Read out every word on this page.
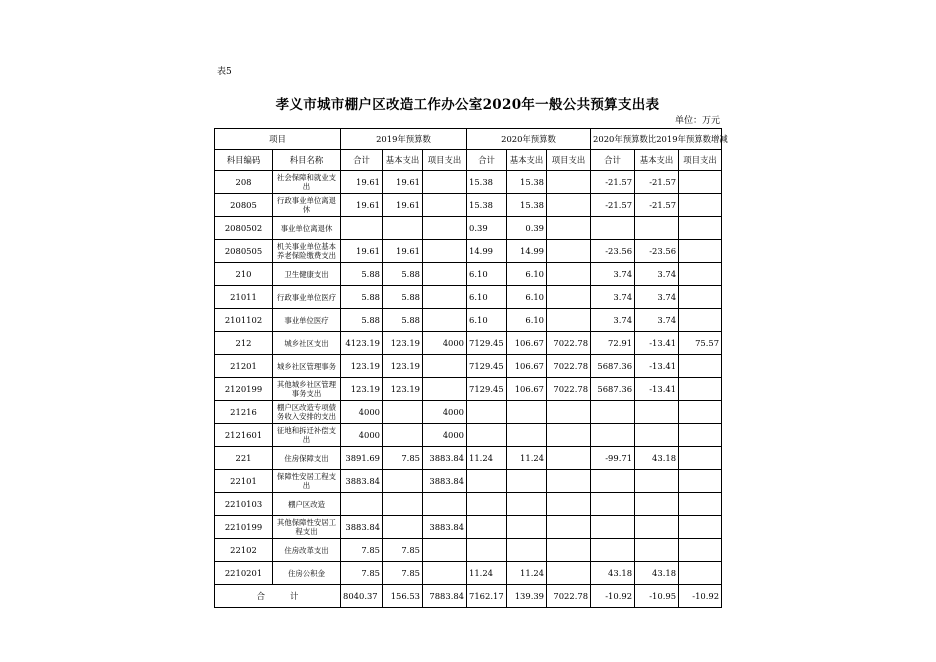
表5
孝义市城市棚户区改造工作办公室2020年一般公共预算支出表
单位：万元
项目		2019年预算数			2020年预算数			2020年预算数比2019年预算数增减		
科目编码	科目名称	合计	基本支出	项目支出	合计	基本支出	项目支出	合计	基本支出	项目支出
208	社会保障和就业支出	19.61	19.61		15.38	15.38		-21.57	-21.57	
20805	行政事业单位离退休	19.61	19.61		15.38	15.38		-21.57	-21.57	
2080502	事业单位离退休				0.39	0.39				
2080505	机关事业单位基本养老保险缴费支出	19.61	19.61		14.99	14.99		-23.56	-23.56	
210	卫生健康支出	5.88	5.88		6.10	6.10		3.74	3.74	
21011	行政事业单位医疗	5.88	5.88		6.10	6.10		3.74	3.74	
2101102	事业单位医疗	5.88	5.88		6.10	6.10		3.74	3.74	
212	城乡社区支出	4123.19	123.19	4000	7129.45	106.67	7022.78	72.91	-13.41	75.57
21201	城乡社区管理事务	123.19	123.19		7129.45	106.67	7022.78	5687.36	-13.41	
2120199	其他城乡社区管理事务支出	123.19	123.19		7129.45	106.67	7022.78	5687.36	-13.41	
21216	棚户区改造专项债务收入安排的支出	4000		4000						
2121601	征地和拆迁补偿支出	4000		4000						
221	住房保障支出	3891.69	7.85	3883.84	11.24	11.24		-99.71	43.18	
22101	保障性安居工程支出	3883.84		3883.84						
2210103	棚户区改造									
2210199	其他保障性安居工程支出	3883.84		3883.84						
22102	住房改革支出	7.85	7.85							
2210201	住房公积金	7.85	7.85		11.24	11.24		43.18	43.18	
合　　　计		8040.37	156.53	7883.84	7162.17	139.39	7022.78	-10.92	-10.95	-10.92
